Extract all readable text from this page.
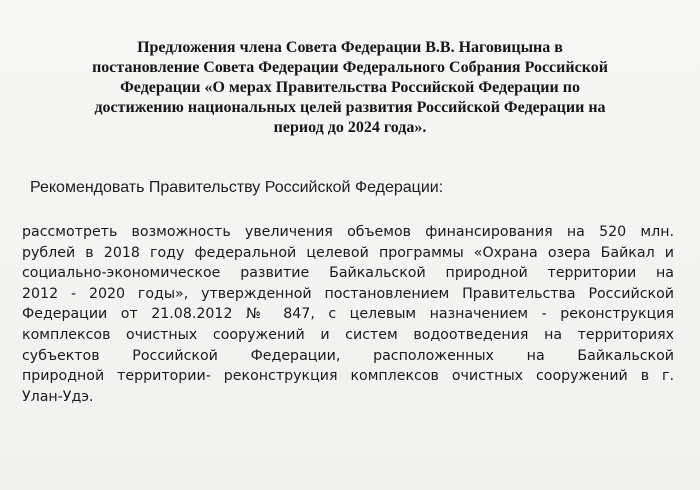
Предложения члена Совета Федерации В.В. Наговицына в
постановление Совета Федерации Федерального Собрания Российской
Федерации «О мерах Правительства Российской Федерации по
достижению национальных целей развития Российской Федерации на
период до 2024 года».
Рекомендовать Правительству Российской Федерации:
рассмотреть возможность увеличения объемов финансирования на 520 млн.
рублей в 2018 году федеральной целевой программы «Охрана озера Байкал и
социально-экономическое развитие Байкальской природной территории на
2012 - 2020 годы», утвержденной постановлением Правительства Российской
Федерации от 21.08.2012 № 847, с целевым назначением - реконструкция
комплексов очистных сооружений и систем водоотведения на территориях
субъектов Российской Федерации, расположенных на Байкальской
природной территории- реконструкция комплексов очистных сооружений в г.
Улан-Удэ.
